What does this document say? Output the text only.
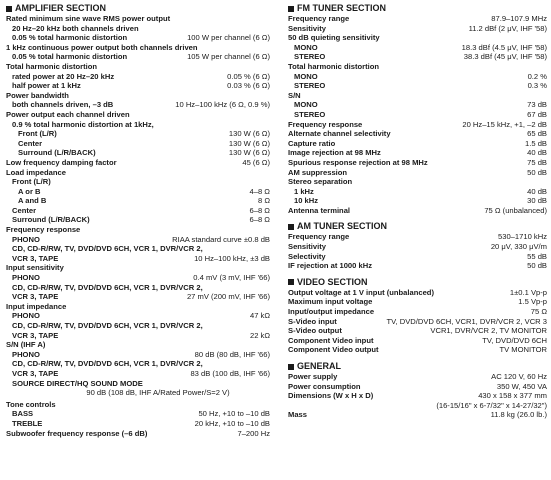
AMPLIFIER SECTION
Rated minimum sine wave RMS power output
20 Hz–20 kHz both channels driven
0.05 % total harmonic distortion	100 W per channel (6 Ω)
1 kHz continuous power output both channels driven
0.05 % total harmonic distortion	105 W per channel (6 Ω)
Total harmonic distortion
rated power at 20 Hz–20 kHz	0.05 % (6 Ω)
half power at 1 kHz	0.03 % (6 Ω)
Power bandwidth
both channels driven, –3 dB	10 Hz–100 kHz (6 Ω, 0.9 %)
Power output each channel driven
0.9 % total harmonic distortion at 1kHz,
Front (L/R)	130 W (6 Ω)
Center	130 W (6 Ω)
Surround (L/R/BACK)	130 W (6 Ω)
Low frequency damping factor	45 (6 Ω)
Load impedance
Front (L/R)
A or B	4–8 Ω
A and B	8 Ω
Center	6–8 Ω
Surround (L/R/BACK)	6–8 Ω
Frequency response
PHONO	RIAA standard curve ±0.8 dB
CD, CD-R/RW, TV, DVD/DVD 6CH, VCR 1, DVR/VCR 2,
VCR 3, TAPE	10 Hz–100 kHz, ±3 dB
Input sensitivity
PHONO	0.4 mV (3 mV, IHF '66)
CD, CD-R/RW, TV, DVD/DVD 6CH, VCR 1, DVR/VCR 2,
VCR 3, TAPE	27 mV (200 mV, IHF '66)
Input impedance
PHONO	47 kΩ
CD, CD-R/RW, TV, DVD/DVD 6CH, VCR 1, DVR/VCR 2,
VCR 3, TAPE	22 kΩ
S/N (IHF A)
PHONO	80 dB (80 dB, IHF '66)
CD, CD-R/RW, TV, DVD/DVD 6CH, VCR 1, DVR/VCR 2,
VCR 3, TAPE	83 dB (100 dB, IHF '66)
SOURCE DIRECT/HQ SOUND MODE
90 dB (108 dB, IHF A/Rated Power/S=2 V)
Tone controls
BASS	50 Hz, +10 to –10 dB
TREBLE	20 kHz, +10 to –10 dB
Subwoofer frequency response (–6 dB)	7–200 Hz
FM TUNER SECTION
Frequency range	87.9–107.9 MHz
Sensitivity	11.2 dBf (2 μV, IHF '58)
50 dB quieting sensitivity
MONO	18.3 dBf (4.5 μV, IHF '58)
STEREO	38.3 dBf (45 μV, IHF '58)
Total harmonic distortion
MONO	0.2 %
STEREO	0.3 %
S/N
MONO	73 dB
STEREO	67 dB
Frequency response	20 Hz–15 kHz, +1, –2 dB
Alternate channel selectivity	65 dB
Capture ratio	1.5 dB
Image rejection at 98 MHz	40 dB
Spurious response rejection at 98 MHz	75 dB
AM suppression	50 dB
Stereo separation
1 kHz	40 dB
10 kHz	30 dB
Antenna terminal	75 Ω (unbalanced)
AM TUNER SECTION
Frequency range	530–1710 kHz
Sensitivity	20 μV, 330 μV/m
Selectivity	55 dB
IF rejection at 1000 kHz	50 dB
VIDEO SECTION
Output voltage at 1 V input (unbalanced)	1±0.1 Vp-p
Maximum input voltage	1.5 Vp-p
Input/output impedance	75 Ω
S-Video input	TV, DVD/DVD 6CH, VCR1, DVR/VCR 2, VCR 3
S-Video output	VCR1, DVR/VCR 2, TV MONITOR
Component Video input	TV, DVD/DVD 6CH
Component Video output	TV MONITOR
GENERAL
Power supply	AC 120 V, 60 Hz
Power consumption	350 W, 450 VA
Dimensions (W x H x D)	430 x 158 x 377 mm
(16-15/16" x 6-7/32" x 14-27/32")
Mass	11.8 kg (26.0 lb.)
